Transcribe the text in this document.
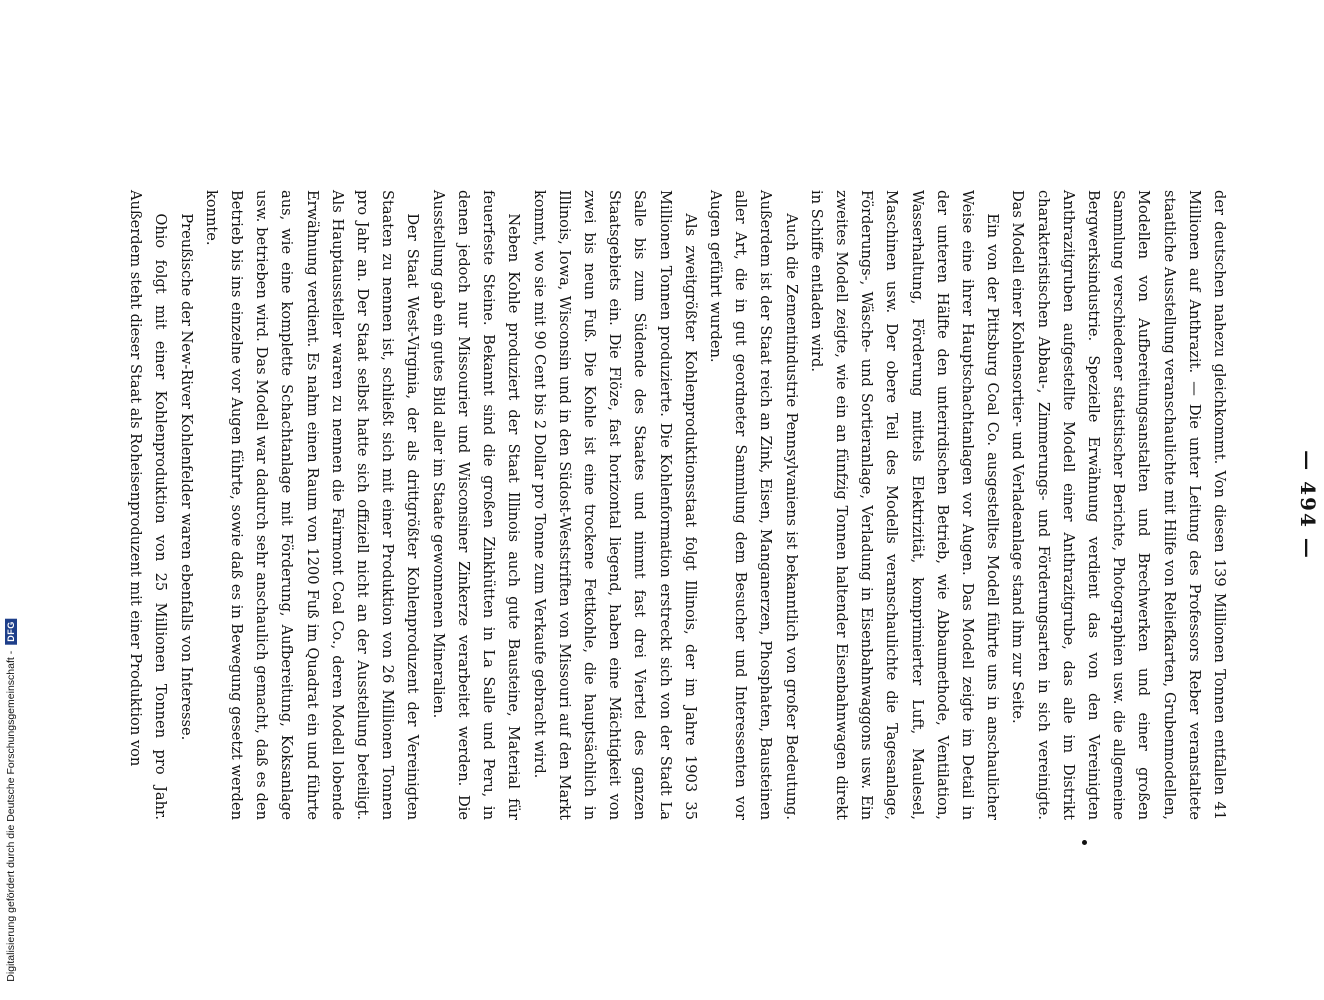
Digitalisierung gefördert durch die Deutsche Forschungsgemeinschaft -
DFG
— 494 —

der deutschen nahezu gleichkommt. Von diesen 139 Millionen Tonnen entfallen 41 Millionen auf Anthrazit. — Die unter Leitung des Professors Reber veranstaltete staatliche Ausstellung veranschaulichte mit Hilfe von Reliefkarten, Grubenmodellen, Modellen von Aufbereitungsanstalten und Brechwerken und einer großen Sammlung verschiedener statistischer Berichte, Photographien usw. die allgemeine Bergwerksindustrie. Spezielle Erwähnung verdient das von den Vereinigten Anthrazitgruben aufgestellte Modell einer Anthrazitgrube, das alle im Distrikt charakteristischen Abbau-, Zimmerungs- und Förderungsarten in sich vereinigte. Das Modell einer Kohlensortier- und Verladeanlage stand ihm zur Seite.

Ein von der Pittsburg Coal Co. ausgestelltes Modell führte uns in anschaulicher Weise eine ihrer Hauptschachtanlagen vor Augen. Das Modell zeigte im Detail in der unteren Hälfte den unterirdischen Betrieb, wie Abbaumethode, Ventilation, Wasserhaltung, Förderung mittels Elektrizität, komprimierter Luft, Maulesel, Maschinen usw. Der obere Teil des Modells veranschaulichte die Tagesanlage, Förderungs-, Wäsche- und Sortieranlage, Verladung in Eisenbahnwaggons usw. Ein zweites Modell zeigte, wie ein an fünfzig Tonnen haltender Eisenbahnwagen direkt in Schiffe entladen wird.

Auch die Zementindustrie Pennsylvaniens ist bekanntlich von großer Bedeutung. Außerdem ist der Staat reich an Zink, Eisen, Manganerzen, Phosphaten, Bausteinen aller Art, die in gut geordneter Sammlung dem Besucher und Interessenten vor Augen geführt wurden.

Als zweitgrößter Kohlenproduktionsstaat folgt Illinois, der im Jahre 1903 35 Millionen Tonnen produzierte. Die Kohlenformation erstreckt sich von der Stadt La Salle bis zum Südende des Staates und nimmt fast drei Viertel des ganzen Staatsgebiets ein. Die Flöze, fast horizontal liegend, haben eine Mächtigkeit von zwei bis neun Fuß. Die Kohle ist eine trockene Fettkohle, die hauptsächlich in Illinois, Iowa, Wisconsin und in den Südost-Weststriften von Missouri auf den Markt kommt, wo sie mit 90 Cent bis 2 Dollar pro Tonne zum Verkaufe gebracht wird.

Neben Kohle produziert der Staat Illinois auch gute Bausteine, Material für feuerfeste Steine. Bekannt sind die großen Zinkhütten in La Salle und Peru, in denen jedoch nur Missourier und Wisconsiner Zinkerze verarbeitet werden. Die Ausstellung gab ein gutes Bild aller im Staate gewonnenen Mineralien.

Der Staat West-Virginia, der als drittgrößter Kohlenproduzent der Vereinigten Staaten zu nennen ist, schließt sich mit einer Produktion von 26 Millionen Tonnen pro Jahr an. Der Staat selbst hatte sich offiziell nicht an der Ausstellung beteiligt. Als Hauptaussteller waren zu nennen die Fairmont Coal Co., deren Modell lobende Erwähnung verdient. Es nahm einen Raum von 1200 Fuß im Quadrat ein und führte aus, wie eine komplette Schachtanlage mit Förderung, Aufbereitung, Koksanlage usw. betrieben wird. Das Modell war dadurch sehr anschaulich gemacht, daß es den Betrieb bis ins einzelne vor Augen führte, sowie daß es in Bewegung gesetzt werden konnte.

Preußische der New-River Kohlenfelder waren ebenfalls von Interesse.

Ohio folgt mit einer Kohlenproduktion von 25 Millionen Tonnen pro Jahr. Außerdem steht dieser Staat als Roheisenproduzent mit einer Produktion von
